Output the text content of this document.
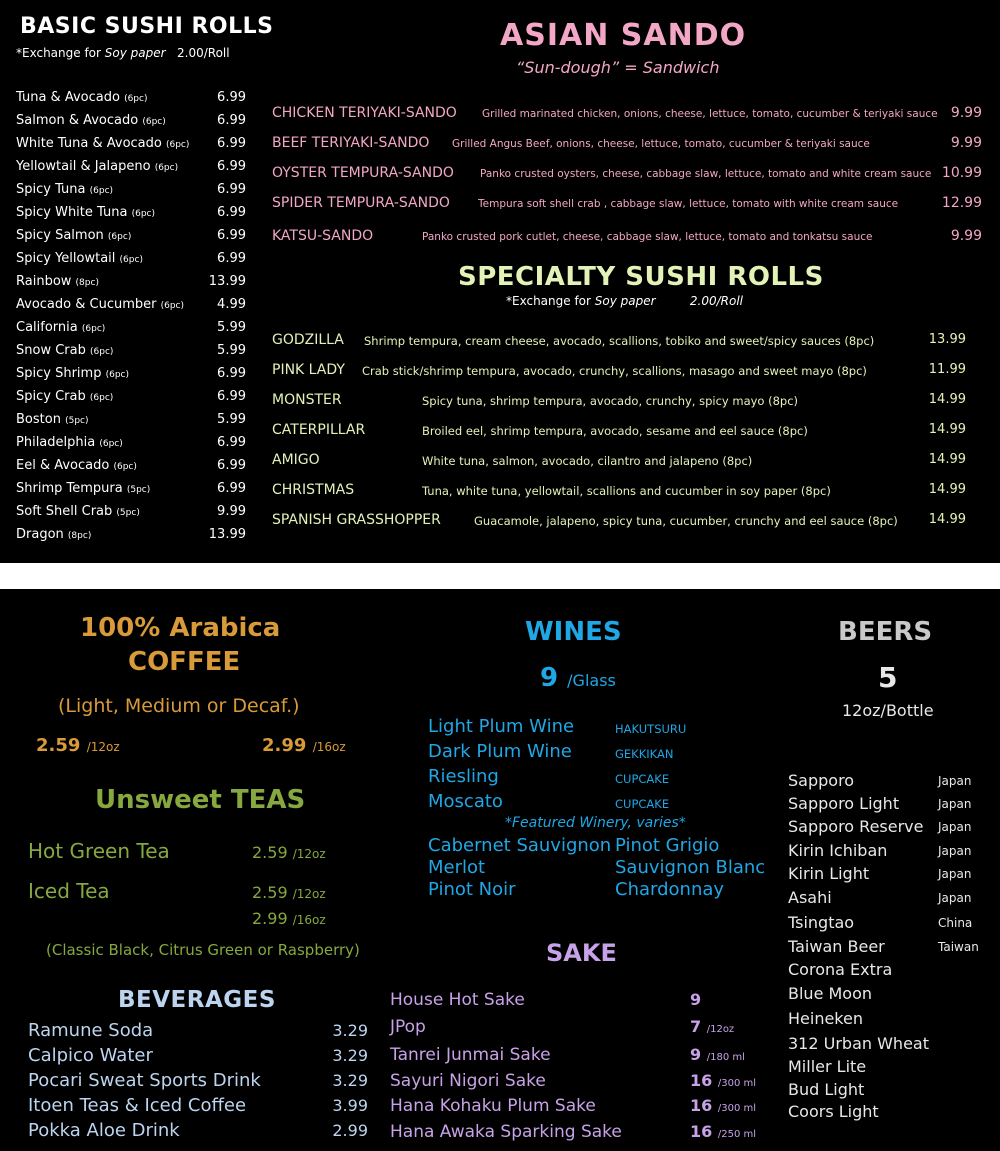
BASIC SUSHI ROLLS
*Exchange for Soy paper 2.00/Roll
Tuna & Avocado (6pc)	6.99
Salmon & Avocado (6pc)	6.99
White Tuna & Avocado (6pc) 6.99
Yellowtail & Jalapeno (6pc)	6.99
Spicy Tuna (6pc)	6.99
Spicy White Tuna (6pc)	6.99
Spicy Salmon (6pc)	6.99
Spicy Yellowtail (6pc)	6.99
Rainbow (8pc)	13.99
Avocado & Cucumber (6pc)	4.99
California (6pc)	5.99
Snow Crab (6pc)	5.99
Spicy Shrimp (6pc)	6.99
Spicy Crab (6pc)	6.99
Boston (5pc)	5.99
Philadelphia (6pc)	6.99
Eel & Avocado (6pc)	6.99
Shrimp Tempura (5pc)	6.99
Soft Shell Crab (5pc)	9.99
Dragon (8pc)	13.99
ASIAN SANDO
“Sun-dough” = Sandwich
CHICKEN TERIYAKI-SANDO Grilled marinated chicken, onions, cheese, lettuce, tomato, cucumber & teriyaki sauce 9.99
BEEF TERIYAKI-SANDO Grilled Angus Beef, onions, cheese, lettuce, tomato, cucumber & teriyaki sauce	9.99
OYSTER TEMPURA-SANDO Panko crusted oysters, cheese, cabbage slaw, lettuce, tomato and white cream sauce 10.99
SPIDER TEMPURA-SANDO	Tempura soft shell crab , cabbage slaw, lettuce, tomato with white cream sauce	12.99
KATSU-SANDO	Panko crusted pork cutlet, cheese, cabbage slaw, lettuce, tomato and tonkatsu sauce	9.99
SPECIALTY SUSHI ROLLS
*Exchange for Soy paper	2.00/Roll
GODZILLA Shrimp tempura, cream cheese, avocado, scallions, tobiko and sweet/spicy sauces (8pc)	13.99
PINK LADY Crab stick/shrimp tempura, avocado, crunchy, scallions, masago and sweet mayo (8pc)	11.99
MONSTER	Spicy tuna, shrimp tempura, avocado, crunchy, spicy mayo (8pc)	14.99
CATERPILLAR	Broiled eel, shrimp tempura, avocado, sesame and eel sauce (8pc)	14.99
AMIGO	White tuna, salmon, avocado, cilantro and jalapeno (8pc)	14.99
CHRISTMAS	Tuna, white tuna, yellowtail, scallions and cucumber in soy paper (8pc)	14.99
SPANISH GRASSHOPPER	Guacamole, jalapeno, spicy tuna, cucumber, crunchy and eel sauce (8pc) 14.99
100% Arabica
COFFEE
(Light, Medium or Decaf.)
2.59 /12oz	2.99 /16oz
Unsweet TEAS
Hot Green Tea	2.59 /12oz
Iced Tea	2.59 /12oz
2.99 /16oz
(Classic Black, Citrus Green or Raspberry)
BEVERAGES
Ramune Soda	3.29
Calpico Water	3.29
Pocari Sweat Sports Drink	3.29
Itoen Teas & Iced Coffee	3.99
Pokka Aloe Drink	2.99
WINES
9 /Glass
Light Plum Wine	HAKUTSURU
Dark Plum Wine	GEKKIKAN
Riesling	CUPCAKE
Moscato	CUPCAKE
*Featured Winery, varies*
Cabernet Sauvignon
Merlot
Pinot Noir
Pinot Grigio
Sauvignon Blanc
Chardonnay
SAKE
House Hot Sake	9
JPop	7 /12oz
Tanrei Junmai Sake	9 /180 ml
Sayuri Nigori Sake	16 /300 ml
Hana Kohaku Plum Sake	16 /300 ml
Hana Awaka Sparking Sake	16 /250 ml
BEERS
5
12oz/Bottle
Sapporo	Japan
Sapporo Light	Japan
Sapporo Reserve Japan
Kirin Ichiban	Japan
Kirin Light	Japan
Asahi	Japan
Tsingtao	China
Taiwan Beer	Taiwan
Corona Extra
Blue Moon
Heineken
312 Urban Wheat
Miller Lite
Bud Light
Coors Light
